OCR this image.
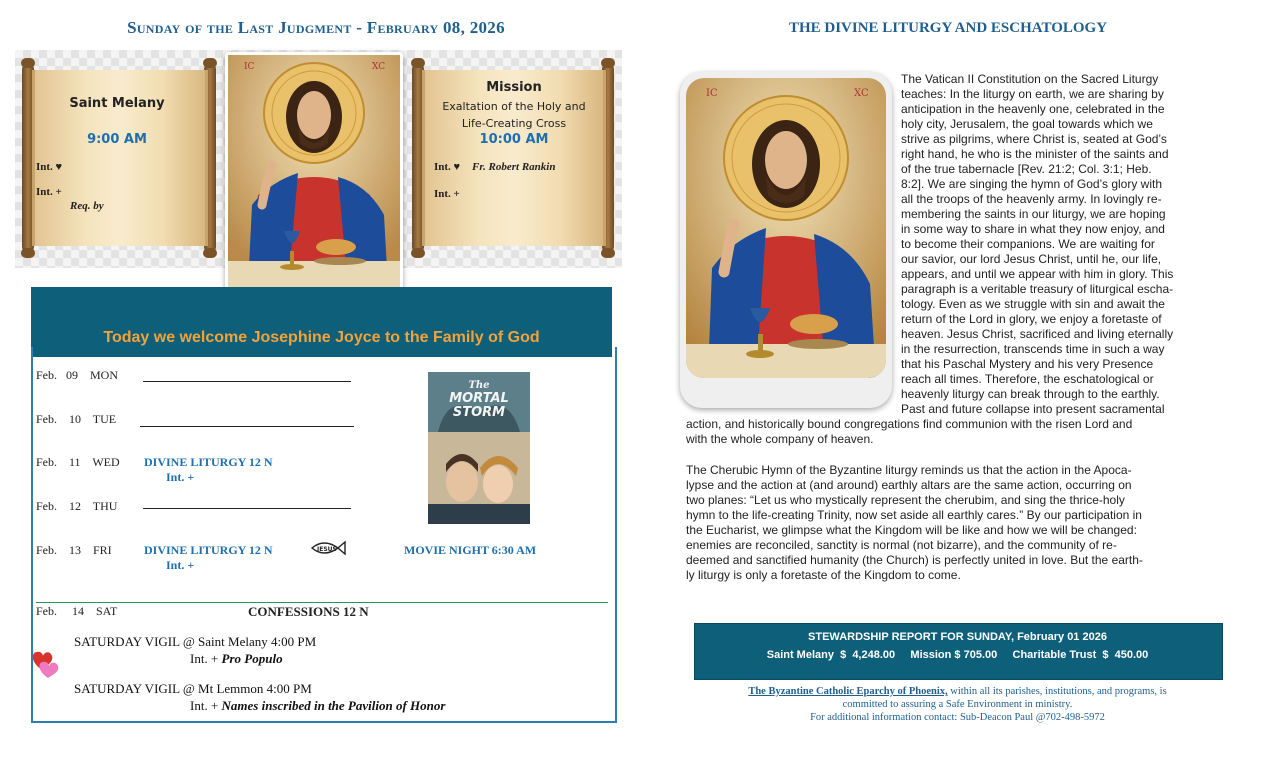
Sunday of the Last Judgment - February 08, 2026
Saint Melany
9:00 AM
Int. ♥
Int. +
Req. by
Mission
Exaltation of the Holy and
Life-Creating Cross
10:00 AM
Int. ♥ Fr. Robert Rankin
Int. +
IC	XC
Today we welcome Josephine Joyce to the Family of God
Feb. 09 MON
Feb. 10 TUE
Feb. 11 WED DIVINE LITURGY 12 N
Int. +
Feb. 12 THU
Feb. 13 FRI	DIVINE LITURGY 12 N
Int. +
IESUS
The
MORTAL
STORM
MOVIE NIGHT 6:30 AM
Feb. 14 SAT	CONFESSIONS 12 N
SATURDAY VIGIL @ Saint Melany 4:00 PM
Int. + Pro Populo
SATURDAY VIGIL @ Mt Lemmon 4:00 PM
Int. + Names inscribed in the Pavilion of Honor
THE DIVINE LITURGY AND ESCHATOLOGY
IC	XC
The Vatican II Constitution on the Sacred Liturgy
teaches: In the liturgy on earth, we are sharing by
anticipation in the heavenly one, celebrated in the
holy city, Jerusalem, the goal towards which we
strive as pilgrims, where Christ is, seated at God’s
right hand, he who is the minister of the saints and
of the true tabernacle [Rev. 21:2; Col. 3:1; Heb.
8:2]. We are singing the hymn of God’s glory with
all the troops of the heavenly army. In lovingly re-
membering the saints in our liturgy, we are hoping
in some way to share in what they now enjoy, and
to become their companions. We are waiting for
our savior, our lord Jesus Christ, until he, our life,
appears, and until we appear with him in glory. This
paragraph is a veritable treasury of liturgical escha-
tology. Even as we struggle with sin and await the
return of the Lord in glory, we enjoy a foretaste of
heaven. Jesus Christ, sacrificed and living eternally
in the resurrection, transcends time in such a way
that his Paschal Mystery and his very Presence
reach all times. Therefore, the eschatological or
heavenly liturgy can break through to the earthly.
Past and future collapse into present sacramental
action, and historically bound congregations find communion with the risen Lord and
with the whole company of heaven.
The Cherubic Hymn of the Byzantine liturgy reminds us that the action in the Apoca-
lypse and the action at (and around) earthly altars are the same action, occurring on
two planes: “Let us who mystically represent the cherubim, and sing the thrice-holy
hymn to the life-creating Trinity, now set aside all earthly cares.” By our participation in
the Eucharist, we glimpse what the Kingdom will be like and how we will be changed:
enemies are reconciled, sanctity is normal (not bizarre), and the community of re-
deemed and sanctified humanity (the Church) is perfectly united in love. But the earth-
ly liturgy is only a foretaste of the Kingdom to come.
STEWARDSHIP REPORT FOR SUNDAY, February 01 2026
Saint Melany  $  4,248.00     Mission $ 705.00     Charitable Trust  $  450.00
The Byzantine Catholic Eparchy of Phoenix, within all its parishes, institutions, and programs, is
committed to assuring a Safe Environment in ministry.
For additional information contact: Sub-Deacon Paul @702-498-5972
